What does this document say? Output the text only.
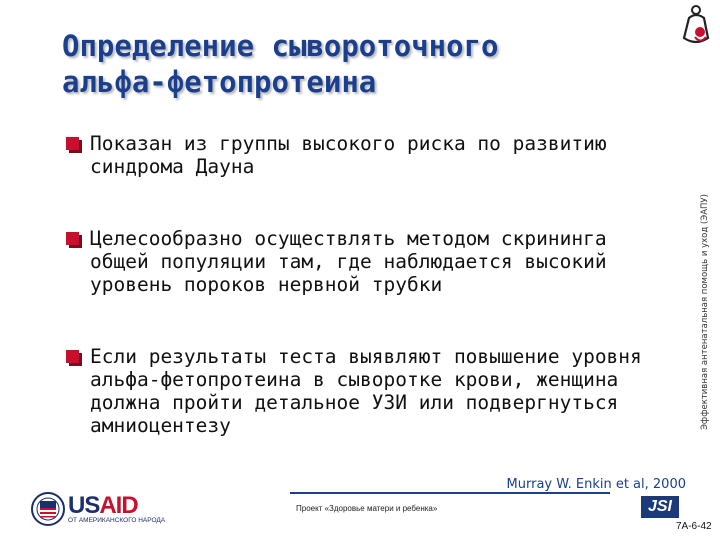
Определение сывороточного
альфа-фетопротеина
Показан из группы высокого риска по развитию синдрома Дауна
Целесообразно осуществлять методом скрининга общей популяции там, где наблюдается высокий уровень пороков нервной трубки
Если результаты теста выявляют повышение уровня альфа-фетопротеина в сыворотке крови, женщина должна пройти детальное УЗИ или подвергнуться амниоцентезу	Эффективная антенатальная помощь и уход (ЭАПУ)
Murray W. Enkin et al, 2000
USAID
ОТ АМЕРИКАНСКОГО НАРОДА
Проект «Здоровье матери и ребенка»	JSI
7A-6-42
